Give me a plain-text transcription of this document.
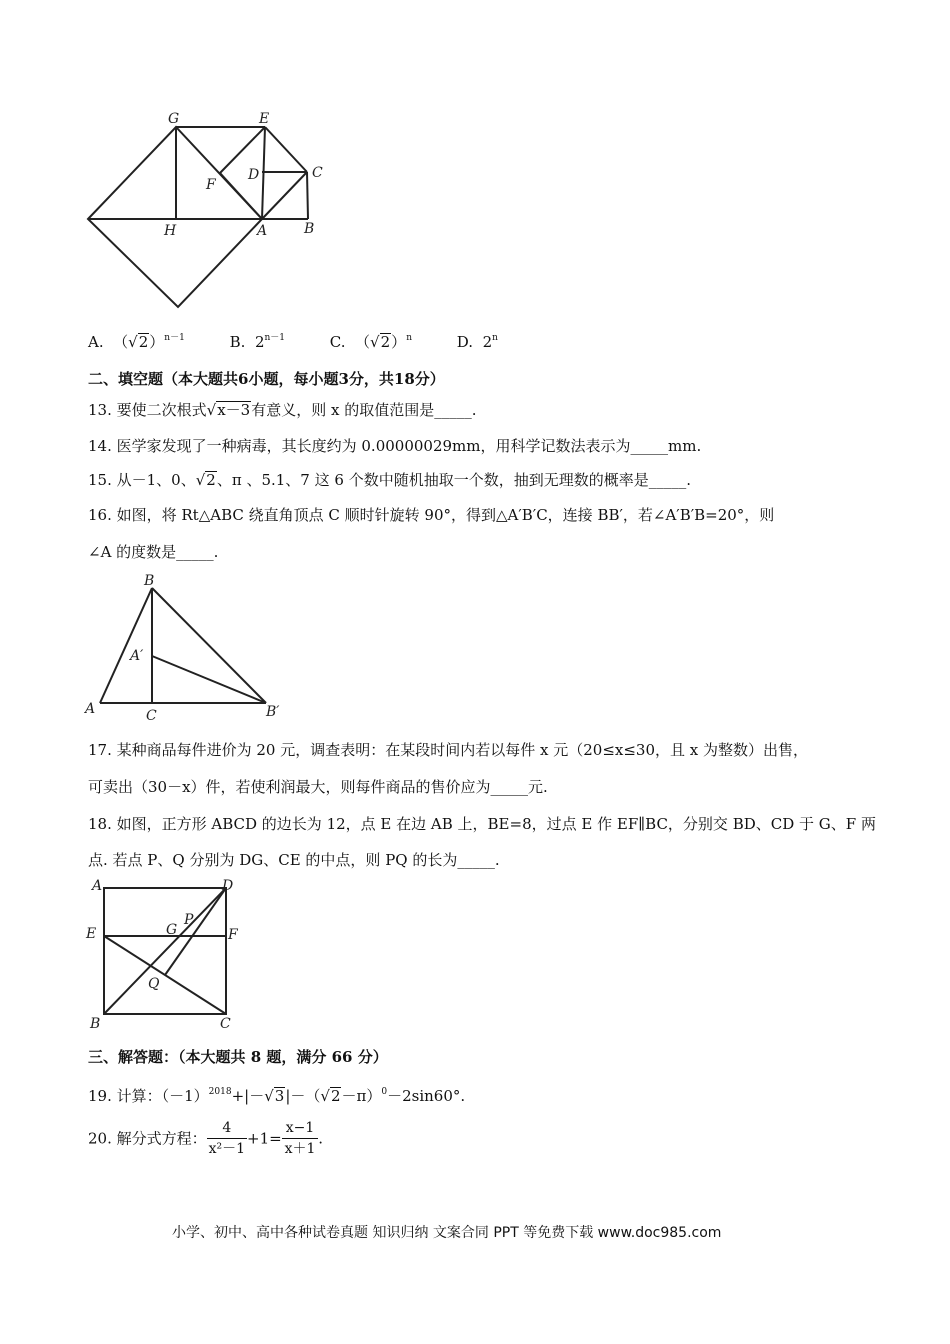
G	E
D	C
F
H	A	B
A.  $(√2)^{n-1}$	B. $2^{n-1}$	C.  $(√2)^n$	D. 2$^n$
二、填空题（本大题共6小题，每小题3分，共18分）
13. 要使二次根式√x－3有意义，则 x 的取值范围是_____.
14. 医学家发现了一种病毒，其长度约为 0.00000029mm，用科学记数法表示为_____mm.
15. 从－1、0、√2、π 、5.1、7 这 6 个数中随机抽取一个数，抽到无理数的概率是_____.
16. 如图，将 Rt△ABC 绕直角顶点 C 顺时针旋转 90°，得到△A′B′C，连接 BB′，若∠A′B′B=20°，则
∠A 的度数是_____.
B
A′
A	C	B′
17. 某种商品每件进价为 20 元，调查表明：在某段时间内若以每件 x 元（20≤x≤30，且 x 为整数）出售，
可卖出（30－x）件，若使利润最大，则每件商品的售价应为_____元.
18. 如图，正方形 ABCD 的边长为 12，点 E 在边 AB 上，BE=8，过点 E 作 EF∥BC，分别交 BD、CD 于 G、F 两
点. 若点 P、Q 分别为 DG、CE 的中点，则 PQ 的长为_____.
A	D
E	G
P
F
Q
B	C
三、解答题：（本大题共 8 题，满分 66 分）
19. 计算：$(-1)^{2018}+|-√3|-(√2-\pi)^0-2\sin 60^\circ$.
20. 解分式方程： $\frac{4}{\text{x²－1}} +1= \frac{x-1}{x+1}$ .
小学、初中、高中各种试卷真题 知识归纳 文案合同 PPT 等免费下载 www.doc985.com
